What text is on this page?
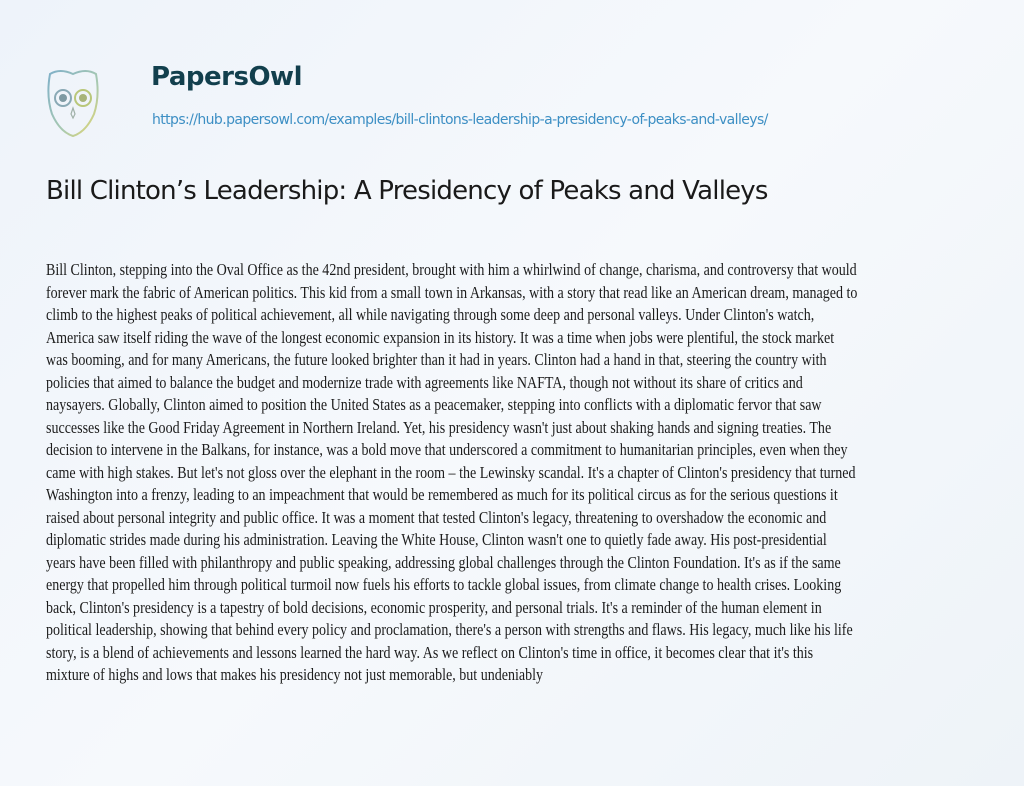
PapersOwl
https://hub.papersowl.com/examples/bill-clintons-leadership-a-presidency-of-peaks-and-valleys/
Bill Clinton’s Leadership: A Presidency of Peaks and Valleys
Bill Clinton, stepping into the Oval Office as the 42nd president, brought with him a whirlwind of change, charisma, and controversy that would
forever mark the fabric of American politics. This kid from a small town in Arkansas, with a story that read like an American dream, managed to
climb to the highest peaks of political achievement, all while navigating through some deep and personal valleys. Under Clinton's watch,
America saw itself riding the wave of the longest economic expansion in its history. It was a time when jobs were plentiful, the stock market
was booming, and for many Americans, the future looked brighter than it had in years. Clinton had a hand in that, steering the country with
policies that aimed to balance the budget and modernize trade with agreements like NAFTA, though not without its share of critics and
naysayers. Globally, Clinton aimed to position the United States as a peacemaker, stepping into conflicts with a diplomatic fervor that saw
successes like the Good Friday Agreement in Northern Ireland. Yet, his presidency wasn't just about shaking hands and signing treaties. The
decision to intervene in the Balkans, for instance, was a bold move that underscored a commitment to humanitarian principles, even when they
came with high stakes. But let's not gloss over the elephant in the room – the Lewinsky scandal. It's a chapter of Clinton's presidency that turned
Washington into a frenzy, leading to an impeachment that would be remembered as much for its political circus as for the serious questions it
raised about personal integrity and public office. It was a moment that tested Clinton's legacy, threatening to overshadow the economic and
diplomatic strides made during his administration. Leaving the White House, Clinton wasn't one to quietly fade away. His post-presidential
years have been filled with philanthropy and public speaking, addressing global challenges through the Clinton Foundation. It's as if the same
energy that propelled him through political turmoil now fuels his efforts to tackle global issues, from climate change to health crises. Looking
back, Clinton's presidency is a tapestry of bold decisions, economic prosperity, and personal trials. It's a reminder of the human element in
political leadership, showing that behind every policy and proclamation, there's a person with strengths and flaws. His legacy, much like his life
story, is a blend of achievements and lessons learned the hard way. As we reflect on Clinton's time in office, it becomes clear that it's this
mixture of highs and lows that makes his presidency not just memorable, but undeniably
